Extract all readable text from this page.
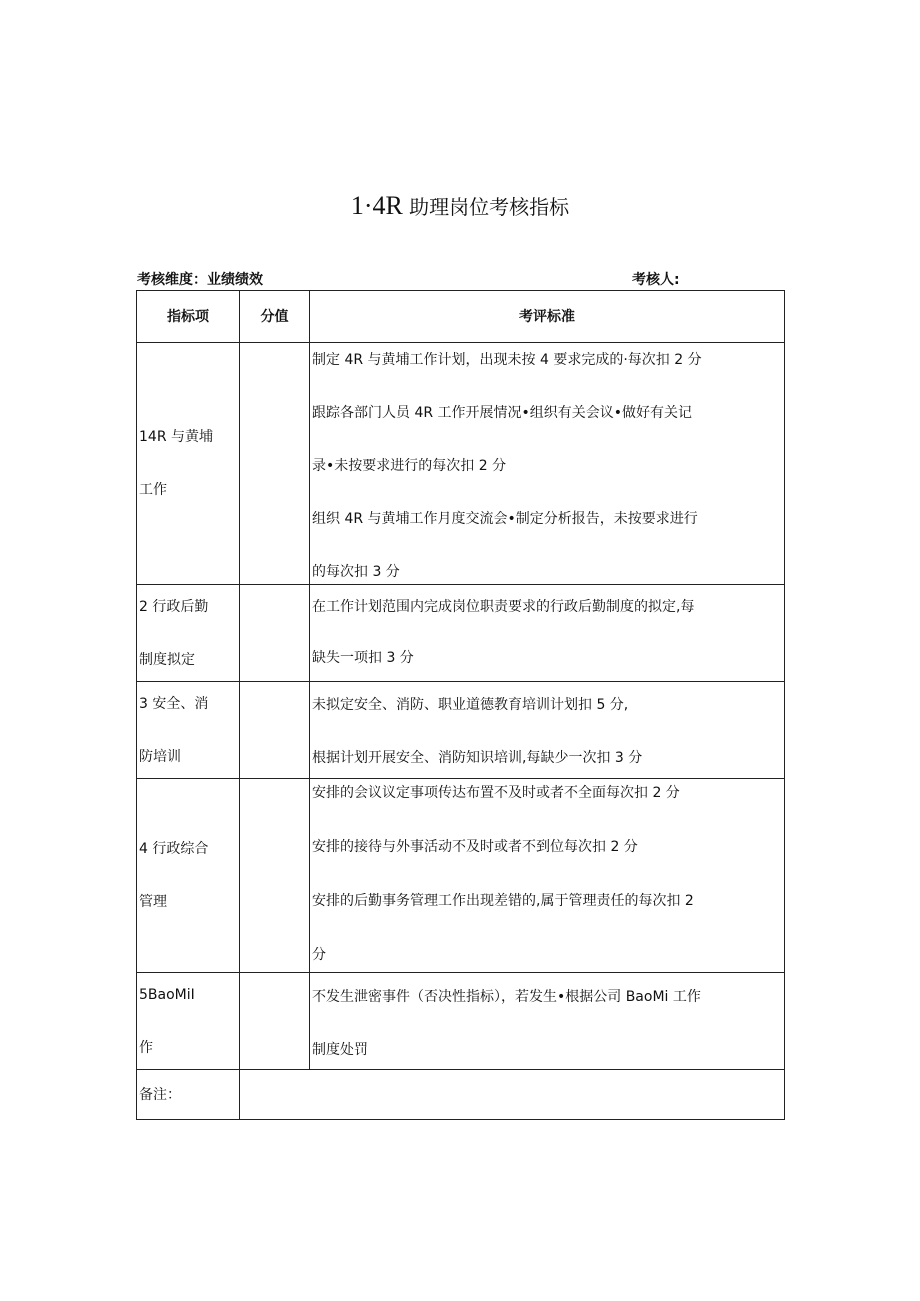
1·4R 助理岗位考核指标
考核维度：业绩绩效	考核人:
指标项	分值	考评标准

14R 与黄埔
工作		制定 4R 与黄埔工作计划，出现未按 4 要求完成的·每次扣 2 分
跟踪各部门人员 4R 工作开展情况•组织有关会议•做好有关记
录•未按要求进行的每次扣 2 分
组织 4R 与黄埔工作月度交流会•制定分析报告，未按要求进行
的每次扣 3 分

2 行政后勤
制度拟定		在工作计划范围内完成岗位职责要求的行政后勤制度的拟定,每
缺失一项扣 3 分

3 安全、消
防培训		未拟定安全、消防、职业道德教育培训计划扣 5 分,
根据计划开展安全、消防知识培训,每缺少一次扣 3 分

4 行政综合
管理		安排的会议议定事项传达布置不及时或者不全面每次扣 2 分
安排的接待与外事活动不及时或者不到位每次扣 2 分
安排的后勤事务管理工作出现差错的,属于管理责任的每次扣 2
分

5BaoMiI
作		不发生泄密事件（否决性指标），若发生•根据公司 BaoMi 工作
制度处罚

备注：		
